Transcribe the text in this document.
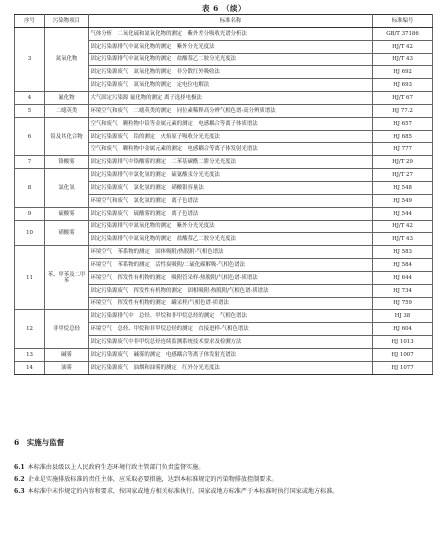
表 6 （续）
序号	污染物项目	标准名称	标准编号
3	氮氧化物	气体分析　二氧化硫和氮氧化物的测定　紫外差分吸收光谱分析法	GB/T 37186
		固定污染源排气中氮氧化物的测定　紫外分光光度法	HJ/T 42
		固定污染源排气中氮氧化物的测定　盐酸萘乙二胺分光光度法	HJ/T 43
		固定污染源废气　氮氧化物的测定　非分散红外吸收法	HJ 692
		固定污染源废气　氮氧化物的测定　定电位电解法	HJ 693
4	氟化物	大气固定污染源 氟化物的测定 离子选择电极法	HJ/T 67
5	二噁英类	环境空气和废气　二噁英类的测定　同位素稀释高分辨气相色谱-高分辨质谱法	HJ 77.2
6	铅及其化合物	空气和废气　颗粒物中铅等金属元素的测定　电感耦合等离子体质谱法	HJ 657
		固定污染源废气　铅的测定　火焰原子吸收分光光度法	HJ 685
		空气和废气　颗粒物中金属元素的测定　电感耦合等离子体发射光谱法	HJ 777
7	铬酸雾	固定污染源排气中铬酸雾的测定　二苯基碳酰二肼分光光度法	HJ/T 29
8	氯化氢	固定污染源排气中氯化氢的测定　硫氰酸汞分光光度法	HJ/T 27
		固定污染源废气　氯化氢的测定　硝酸银容量法	HJ 548
		环境空气和废气　氯化氢的测定　离子色谱法	HJ 549
9	硫酸雾	固定污染源废气　硫酸雾的测定　离子色谱法	HJ 544
10	硝酸雾	固定污染源排气中氮氧化物的测定　紫外分光光度法	HJ/T 42
		固定污染源排气中氮氧化物的测定　盐酸萘乙二胺分光光度法	HJ/T 43
11	苯、甲苯及二甲苯	环境空气　苯系物的测定　固体吸附/热脱附-气相色谱法	HJ 583
		环境空气　苯系物的测定　活性炭吸附/二硫化碳解吸-气相色谱法	HJ 584
		环境空气　挥发性有机物的测定　吸附管采样-热脱附/气相色谱-质谱法	HJ 644
		固定污染源废气　挥发性有机物的测定　固相吸附-热脱附/气相色谱-质谱法	HJ 734
		环境空气　挥发性有机物的测定　罐采样/气相色谱-质谱法	HJ 759
12	非甲烷总烃	固定污染源排气中　总烃、甲烷和非甲烷总烃的测定　气相色谱法	HJ 38
		环境空气　总烃、甲烷和非甲烷总烃的测定　直接进样-气相色谱法	HJ 604
		固定污染源废气中非甲烷总烃连续监测系统技术要求及检测方法	HJ 1013
13	碱雾	固定污染源废气　碱雾的测定　电感耦合等离子体发射光谱法	HJ 1007
14	油雾	固定污染源废气　油烟和油雾的测定　红外分光光度法	HJ 1077
6　 实施与监督
6.1 本标准由县级以上人民政府生态环境行政主管部门负责监督实施。
6.2 企业是实施排放标准的责任主体，应采取必要措施，达到本标准规定的污染物排放控制要求。
6.3 本标准中未作规定的内容和要求，按国家或地方相关标准执行。国家或地方标准严于本标准时执行国家或地方标准。
